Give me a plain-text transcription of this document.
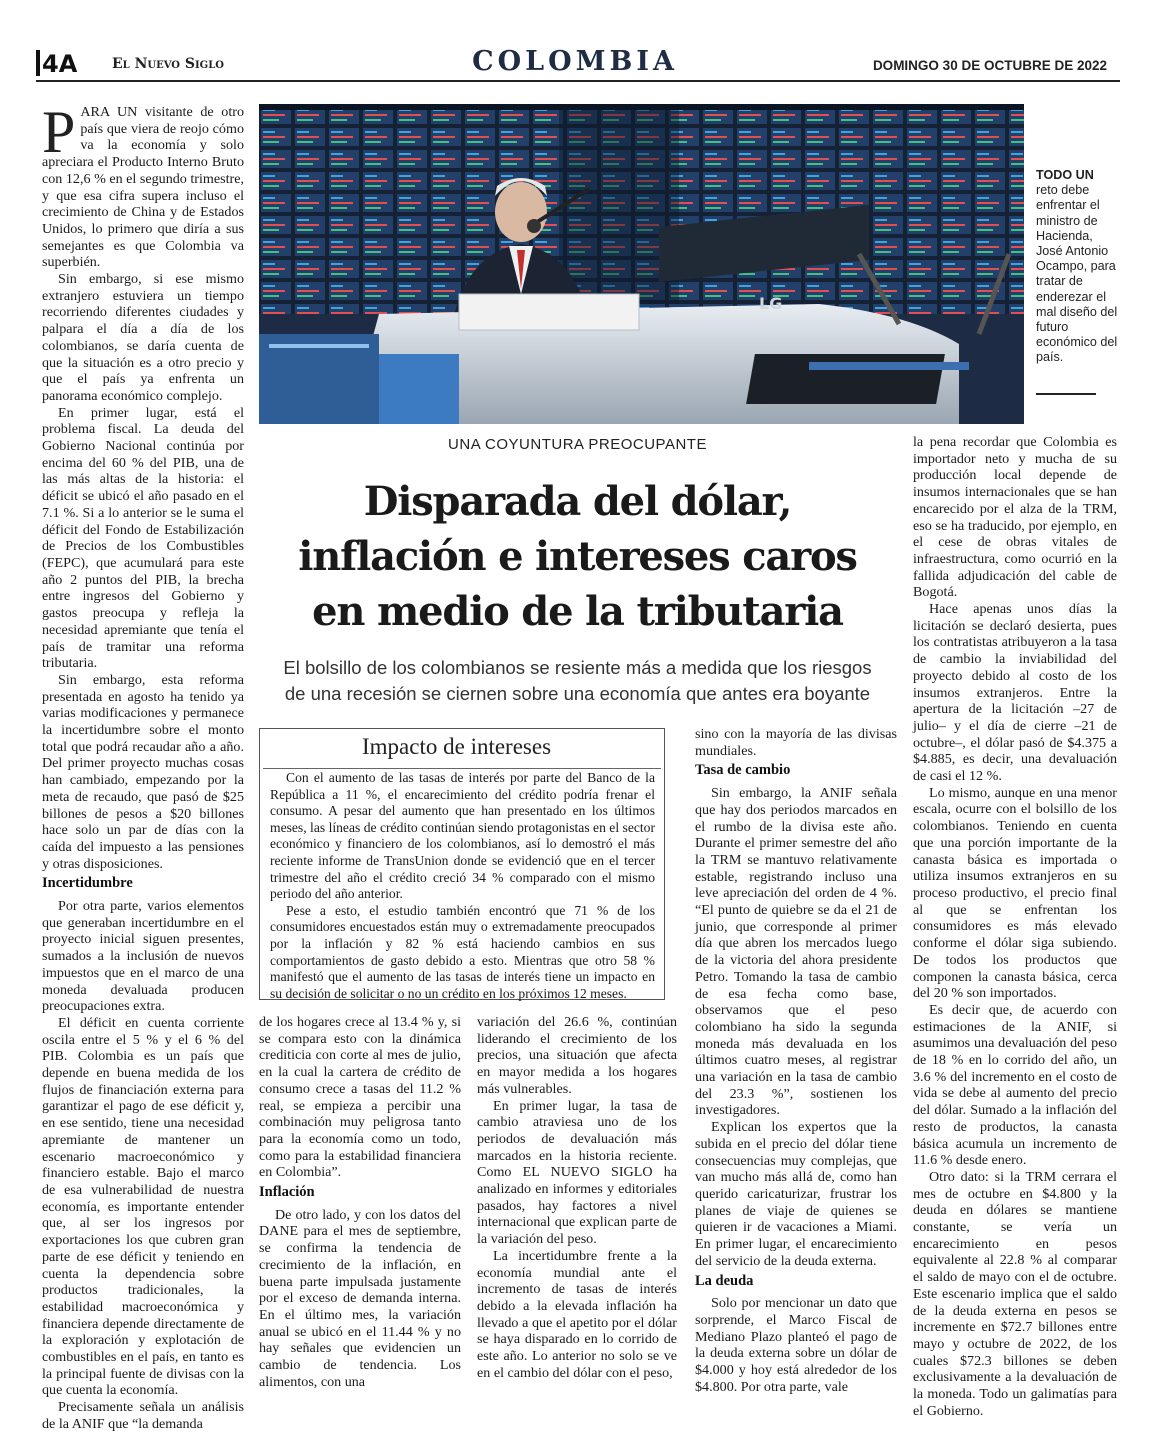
4A El Nuevo Siglo	COLOMBIA	DOMINGO 30 DE OCTUBRE DE 2022

PARA UN visitante de otro país que viera de reojo cómo va la economía y solo apreciara el Producto Interno Bruto con 12,6 % en el segundo trimestre, y que esa cifra supera incluso el crecimiento de China y de Estados Unidos, lo primero que diría a sus semejantes es que Colombia va superbién.

Sin embargo, si ese mismo extranjero estuviera un tiempo recorriendo diferentes ciudades y palpara el día a día de los colombianos, se daría cuenta de que la situación es a otro precio y que el país ya enfrenta un panorama económico complejo.

En primer lugar, está el problema fiscal. La deuda del Gobierno Nacional continúa por encima del 60 % del PIB, una de las más altas de la historia: el déficit se ubicó el año pasado en el 7.1 %. Si a lo anterior se le suma el déficit del Fondo de Estabilización de Precios de los Combustibles (FEPC), que acumulará para este año 2 puntos del PIB, la brecha entre ingresos del Gobierno y gastos preocupa y refleja la necesidad apremiante que tenía el país de tramitar una reforma tributaria.

Sin embargo, esta reforma presentada en agosto ha tenido ya varias modificaciones y permanece la incertidumbre sobre el monto total que podrá recaudar año a año. Del primer proyecto muchas cosas han cambiado, empezando por la meta de recaudo, que pasó de $25 billones de pesos a $20 billones hace solo un par de días con la caída del impuesto a las pensiones y otras disposiciones.

Incertidumbre

Por otra parte, varios elementos que generaban incertidumbre en el proyecto inicial siguen presentes, sumados a la inclusión de nuevos impuestos que en el marco de una moneda devaluada producen preocupaciones extra.

El déficit en cuenta corriente oscila entre el 5 % y el 6 % del PIB. Colombia es un país que depende en buena medida de los flujos de financiación externa para garantizar el pago de ese déficit y, en ese sentido, tiene una necesidad apremiante de mantener un escenario macroeconómico y financiero estable. Bajo el marco de esa vulnerabilidad de nuestra economía, es importante entender que, al ser los ingresos por exportaciones los que cubren gran parte de ese déficit y teniendo en cuenta la dependencia sobre productos tradicionales, la estabilidad macroeconómica y financiera depende directamente de la exploración y explotación de combustibles en el país, en tanto es la principal fuente de divisas con la que cuenta la economía.

Precisamente señala un análisis de la ANIF que “la demanda

LG
TODO UN reto debe enfrentar el ministro de Hacienda, José Antonio Ocampo, para tratar de enderezar el mal diseño del futuro económico del país.
UNA COYUNTURA PREOCUPANTE
Disparada del dólar,
inflación e intereses caros
en medio de la tributaria
El bolsillo de los colombianos se resiente más a medida que los riesgos
de una recesión se ciernen sobre una economía que antes era boyante
Impacto de intereses

Con el aumento de las tasas de interés por parte del Banco de la República a 11 %, el encarecimiento del crédito podría frenar el consumo. A pesar del aumento que han presentado en los últimos meses, las líneas de crédito continúan siendo protagonistas en el sector económico y financiero de los colombianos, así lo demostró el más reciente informe de TransUnion donde se evidenció que en el tercer trimestre del año el crédito creció 34 % comparado con el mismo periodo del año anterior.

Pese a esto, el estudio también encontró que 71 % de los consumidores encuestados están muy o extremadamente preocupados por la inflación y 82 % está haciendo cambios en sus comportamientos de gasto debido a esto. Mientras que otro 58 % manifestó que el aumento de las tasas de interés tiene un impacto en su decisión de solicitar o no un crédito en los próximos 12 meses.

de los hogares crece al 13.4 % y, si se compara esto con la dinámica crediticia con corte al mes de julio, en la cual la cartera de crédito de consumo crece a tasas del 11.2 % real, se empieza a percibir una combinación muy peligrosa tanto para la economía como un todo, como para la estabilidad financiera en Colombia”.

Inflación

De otro lado, y con los datos del DANE para el mes de septiembre, se confirma la tendencia de crecimiento de la inflación, en buena parte impulsada justamente por el exceso de demanda interna. En el último mes, la variación anual se ubicó en el 11.44 % y no hay señales que evidencien un cambio de tendencia. Los alimentos, con una

variación del 26.6 %, continúan liderando el crecimiento de los precios, una situación que afecta en mayor medida a los hogares más vulnerables.

En primer lugar, la tasa de cambio atraviesa uno de los periodos de devaluación más marcados en la historia reciente. Como EL NUEVO SIGLO ha analizado en informes y editoriales pasados, hay factores a nivel internacional que explican parte de la variación del peso.

La incertidumbre frente a la economía mundial ante el incremento de tasas de interés debido a la elevada inflación ha llevado a que el apetito por el dólar se haya disparado en lo corrido de este año. Lo anterior no solo se ve en el cambio del dólar con el peso,

sino con la mayoría de las divisas mundiales.

Tasa de cambio

Sin embargo, la ANIF señala que hay dos periodos marcados en el rumbo de la divisa este año. Durante el primer semestre del año la TRM se mantuvo relativamente estable, registrando incluso una leve apreciación del orden de 4 %. “El punto de quiebre se da el 21 de junio, que corresponde al primer día que abren los mercados luego de la victoria del ahora presidente Petro. Tomando la tasa de cambio de esa fecha como base, observamos que el peso colombiano ha sido la segunda moneda más devaluada en los últimos cuatro meses, al registrar una variación en la tasa de cambio del 23.3 %”, sostienen los investigadores.

Explican los expertos que la subida en el precio del dólar tiene consecuencias muy complejas, que van mucho más allá de, como han querido caricaturizar, frustrar los planes de viaje de quienes se quieren ir de vacaciones a Miami. En primer lugar, el encarecimiento del servicio de la deuda externa.

La deuda

Solo por mencionar un dato que sorprende, el Marco Fiscal de Mediano Plazo planteó el pago de la deuda externa sobre un dólar de $4.000 y hoy está alrededor de los $4.800. Por otra parte, vale

la pena recordar que Colombia es importador neto y mucha de su producción local depende de insumos internacionales que se han encarecido por el alza de la TRM, eso se ha traducido, por ejemplo, en el cese de obras vitales de infraestructura, como ocurrió en la fallida adjudicación del cable de Bogotá.

Hace apenas unos días la licitación se declaró desierta, pues los contratistas atribuyeron a la tasa de cambio la inviabilidad del proyecto debido al costo de los insumos extranjeros. Entre la apertura de la licitación –27 de julio– y el día de cierre –21 de octubre–, el dólar pasó de $4.375 a $4.885, es decir, una devaluación de casi el 12 %.

Lo mismo, aunque en una menor escala, ocurre con el bolsillo de los colombianos. Teniendo en cuenta que una porción importante de la canasta básica es importada o utiliza insumos extranjeros en su proceso productivo, el precio final al que se enfrentan los consumidores es más elevado conforme el dólar siga subiendo. De todos los productos que componen la canasta básica, cerca del 20 % son importados.

Es decir que, de acuerdo con estimaciones de la ANIF, si asumimos una devaluación del peso de 18 % en lo corrido del año, un 3.6 % del incremento en el costo de vida se debe al aumento del precio del dólar. Sumado a la inflación del resto de productos, la canasta básica acumula un incremento de 11.6 % desde enero.

Otro dato: si la TRM cerrara el mes de octubre en $4.800 y la deuda en dólares se mantiene constante, se vería un encarecimiento en pesos equivalente al 22.8 % al comparar el saldo de mayo con el de octubre. Este escenario implica que el saldo de la deuda externa en pesos se incremente en $72.7 billones entre mayo y octubre de 2022, de los cuales $72.3 billones se deben exclusivamente a la devaluación de la moneda. Todo un galimatías para el Gobierno.
